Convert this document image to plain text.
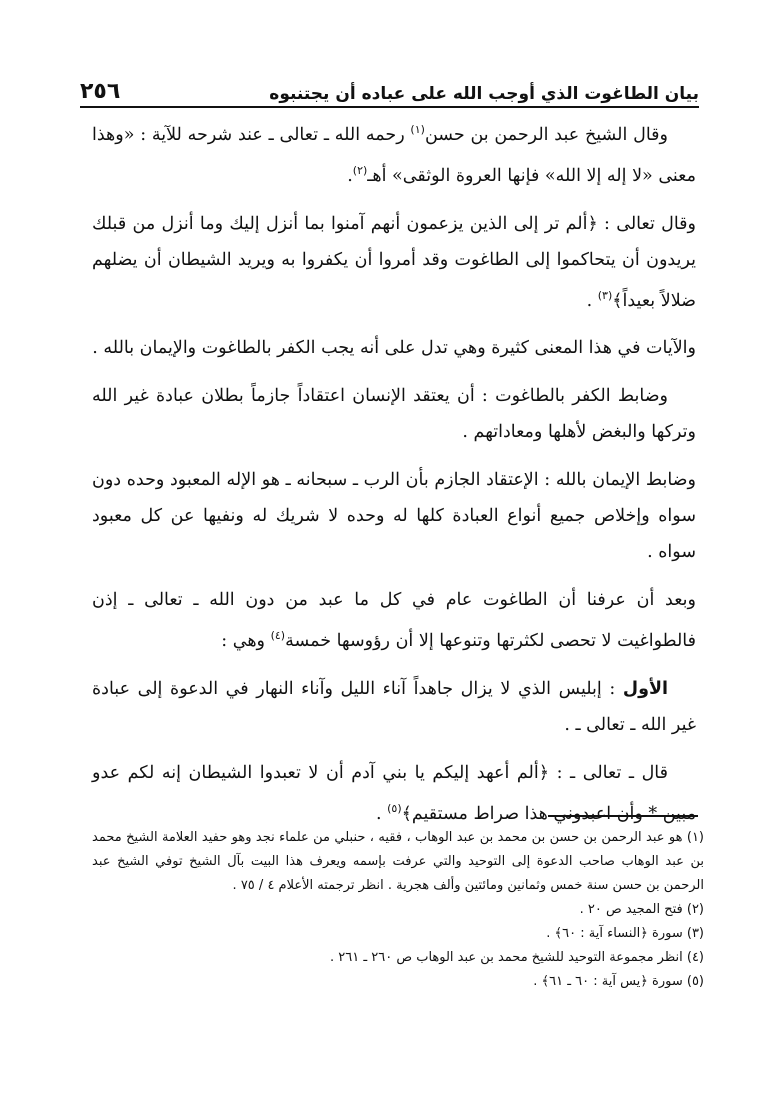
بيان الطاغوت الذي أوجب الله على عباده أن يجتنبوه
٢٥٦

وقال الشيخ عبد الرحمن بن حسن$^{(١)}$ رحمه الله ـ تعالى ـ عند شرحه للآية : «وهذا معنى «لا إله إلا الله» فإنها العروة الوثقى» أهـ$^{(٢)}$.

وقال تعالى : ﴿ألم تر إلى الذين يزعمون أنهم آمنوا بما أنزل إليك وما أنزل من قبلك يريدون أن يتحاكموا إلى الطاغوت وقد أمروا أن يكفروا به ويريد الشيطان أن يضلهم ضلالاً بعيداً﴾$^{(٣)}$ .

والآيات في هذا المعنى كثيرة وهي تدل على أنه يجب الكفر بالطاغوت والإيمان بالله .

وضابط الكفر بالطاغوت : أن يعتقد الإنسان اعتقاداً جازماً بطلان عبادة غير الله وتركها والبغض لأهلها ومعاداتهم .

وضابط الإيمان بالله : الإعتقاد الجازم بأن الرب ـ سبحانه ـ هو الإله المعبود وحده دون سواه وإخلاص جميع أنواع العبادة كلها له وحده لا شريك له ونفيها عن كل معبود سواه .

وبعد أن عرفنا أن الطاغوت عام في كل ما عبد من دون الله ـ تعالى ـ إذن فالطواغيت لا تحصى لكثرتها وتنوعها إلا أن رؤوسها خمسة$^{(٤)}$ وهي :

الأول : إبليس الذي لا يزال جاهداً آناء الليل وآناء النهار في الدعوة إلى عبادة غير الله ـ تعالى ـ .

قال ـ تعالى ـ : ﴿ألم أعهد إليكم يا بني آدم أن لا تعبدوا الشيطان إنه لكم عدو مبين * وأن اعبدوني هذا صراط مستقيم﴾$^{(٥)}$ .

(١) هو عبد الرحمن بن حسن بن محمد بن عبد الوهاب ، فقيه ، حنبلي من علماء نجد وهو حفيد العلامة الشيخ محمد بن عبد الوهاب صاحب الدعوة إلى التوحيد والتي عرفت بإسمه ويعرف هذا البيت بآل الشيخ توفي الشيخ عبد الرحمن بن حسن سنة خمس وثمانين ومائتين وألف هجرية . انظر ترجمته الأعلام ٤ / ٧٥ .

(٢) فتح المجيد ص ٢٠ .

(٣) سورة ﴿النساء آية : ٦٠﴾ .

(٤) انظر مجموعة التوحيد للشيخ محمد بن عبد الوهاب ص ٢٦٠ ـ ٢٦١ .

(٥) سورة ﴿يس آية : ٦٠ ـ ٦١﴾ .
